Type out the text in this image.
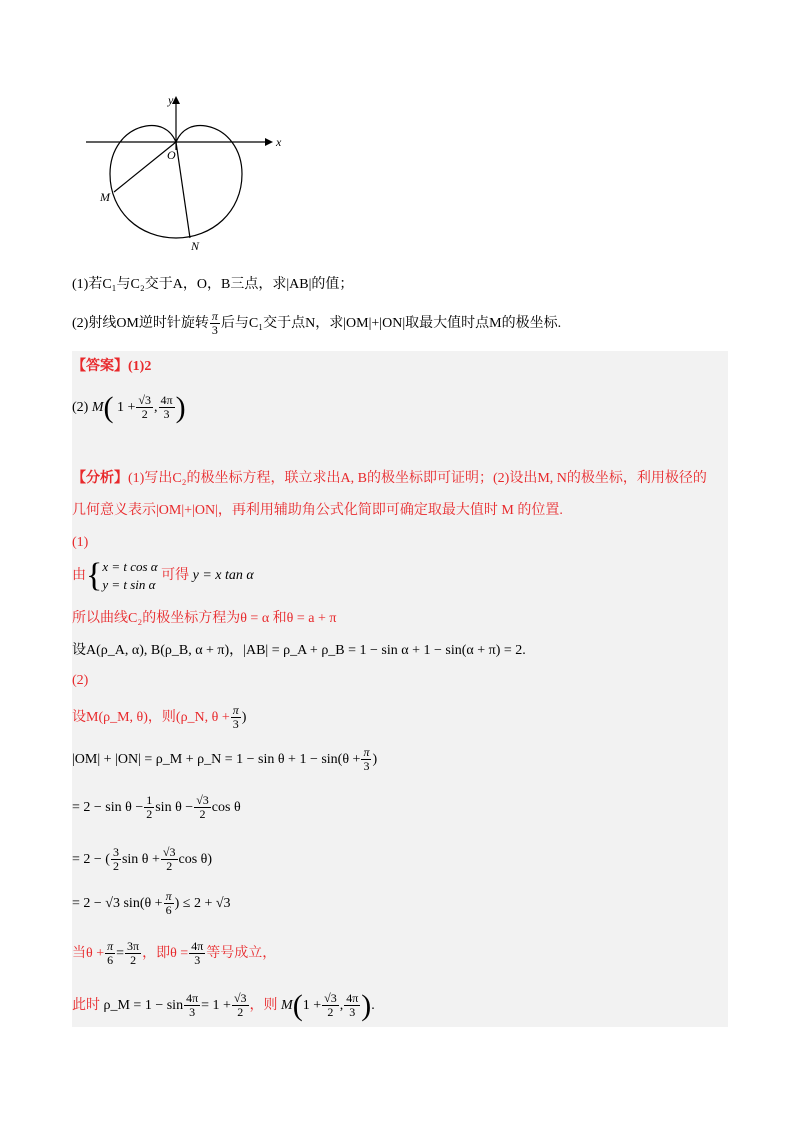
x
y
O
M
N
(1)若C₁与C₂交于A，O，B三点，求|AB|的值；
(2)射线OM逆时针旋转 $\frac{\pi}{3}$ 后与C₁交于点N，求|OM|+|ON|取最大值时点M的极坐标.
【答案】(1)2
(2) M( $1 + \frac{√3}{2}$ , $\frac{4\pi}{3}$ )
【分析】(1)写出C₂的极坐标方程，联立求出A, B的极坐标即可证明；(2)设出M, N的极坐标，利用极径的
几何意义表示|OM|+|ON|，再利用辅助角公式化简即可确定取最大值时 M 的位置.
(1)
由{ x = t cos α
y = t sin α
可得 y = x tan α
所以曲线C₂的极坐标方程为θ = α 和θ = a + π
设A(ρ_A, α), B(ρ_B, α + π)，|AB| = ρ_A + ρ_B = 1 − sin α + 1 − sin(α + π) = 2.
(2)
设M(ρ_M, θ)，则(ρ_N, $\theta + \frac{\pi}{3}$ )
|OM| + |ON| = ρ_M + ρ_N = $1 - \sin \theta + 1 - \sin(\theta + \frac{\pi}{3}$ )
= $2 - \sin \theta - \frac{1}{2}$ $\sin \theta - \frac{√3}{2}$ cos θ
= 2 − ( $\frac{3}{2}$ $\sin \theta + \frac{√3}{2}$ cos θ)
= 2 − √3 $\sin(\theta + \frac{\pi}{6}$ ) ≤ 2 + √3
当$\theta + \frac{\pi}{6} = \frac{3\pi}{2}$ ，即$\theta = \frac{4\pi}{3}$ 等号成立，
此时 ρ_M = $1 - \sin \frac{4\pi}{3} = 1 + \frac{√3}{2}$ ，则 $M(1 + \frac{√3}{2}$ , $\frac{4\pi}{3}$ ).
